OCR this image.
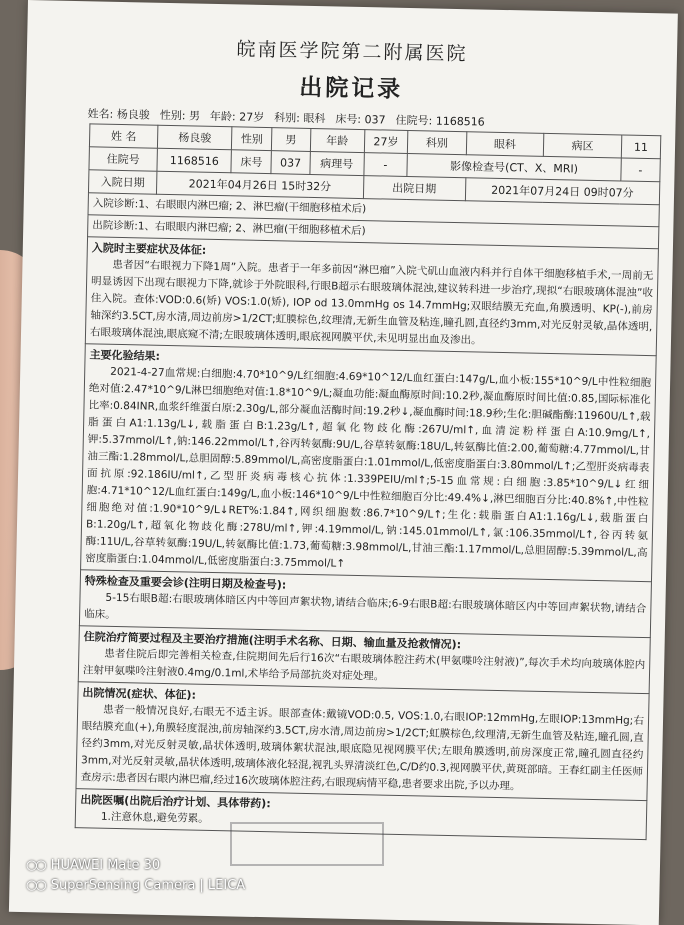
皖南医学院第二附属医院
出院记录
姓名: 杨良骏 性别: 男 年龄: 27岁 科别: 眼科 床号: 037 住院号: 1168516
姓 名	杨良骏	性别	男	年龄	27岁	科别	眼科	病区	11
住院号	1168516	床号	037	病理号	-	影像检查号(CT、X、MRI)			-
入院日期	2021年04月26日 15时32分				出院日期		2021年07月24日 09时07分		

入院诊断:1、右眼眼内淋巴瘤; 2、淋巴瘤(干细胞移植术后)

出院诊断:1、右眼眼内淋巴瘤; 2、淋巴瘤(干细胞移植术后)

入院时主要症状及体征:

患者因“右眼视力下降1周”入院。患者于一年多前因“淋巴瘤”入院弋矶山血液内科并行自体干细胞移植手术,一周前无明显诱因下出现右眼视力下降,就诊于外院眼科,行眼B超示右眼玻璃体混浊,建议转科进一步治疗,现拟“右眼玻璃体混浊”收住入院。查体:VOD:0.6(矫) VOS:1.0(矫), IOP od 13.0mmHg os 14.7mmHg;双眼结膜无充血,角膜透明、KP(-),前房轴深约3.5CT,房水清,周边前房>1/2CT;虹膜棕色,纹理清,无新生血管及粘连,瞳孔圆,直径约3mm,对光反射灵敏,晶体透明,右眼玻璃体混浊,眼底窥不清;左眼玻璃体透明,眼底视网膜平伏,未见明显出血及渗出。

主要化验结果:

2021-4-27血常规:白细胞:4.70*10^9/L红细胞:4.69*10^12/L血红蛋白:147g/L,血小板:155*10^9/L中性粒细胞绝对值:2.47*10^9/L淋巴细胞绝对值:1.8*10^9/L;凝血功能:凝血酶原时间:10.2秒,凝血酶原时间比值:0.85,国际标准化比率:0.84INR,血浆纤维蛋白原:2.30g/L,部分凝血活酶时间:19.2秒↓,凝血酶时间:18.9秒;生化:胆碱酯酶:11960U/L↑,载脂蛋白A1:1.13g/L↓,载脂蛋白B:1.23g/L↑,超氧化物歧化酶:267U/ml↑,血清淀粉样蛋白A:10.9mg/L↑,钾:5.37mmol/L↑,钠:146.22mmol/L↑,谷丙转氨酶:9U/L,谷草转氨酶:18U/L,转氨酶比值:2.00,葡萄糖:4.77mmol/L,甘油三酯:1.28mmol/L,总胆固醇:5.89mmol/L,高密度脂蛋白:1.01mmol/L,低密度脂蛋白:3.80mmol/L↑;乙型肝炎病毒表面抗原:92.186IU/ml↑,乙型肝炎病毒核心抗体:1.339PEIU/ml↑;5-15血常规:白细胞:3.85*10^9/L↓红细胞:4.71*10^12/L血红蛋白:149g/L,血小板:146*10^9/L中性粒细胞百分比:49.4%↓,淋巴细胞百分比:40.8%↑,中性粒细胞绝对值:1.90*10^9/L↓RET%:1.84↑,网织细胞数:86.7*10^9/L↑;生化:载脂蛋白A1:1.16g/L↓,载脂蛋白B:1.20g/L↑,超氧化物歧化酶:278U/ml↑,钾:4.19mmol/L,钠:145.01mmol/L↑,氯:106.35mmol/L↑,谷丙转氨酶:11U/L,谷草转氨酶:19U/L,转氨酶比值:1.73,葡萄糖:3.98mmol/L,甘油三酯:1.17mmol/L,总胆固醇:5.39mmol/L,高密度脂蛋白:1.04mmol/L,低密度脂蛋白:3.75mmol/L↑

特殊检查及重要会诊(注明日期及检查号):

5-15右眼B超:右眼玻璃体暗区内中等回声絮状物,请结合临床;6-9右眼B超:右眼玻璃体暗区内中等回声絮状物,请结合临床。

住院治疗简要过程及主要治疗措施(注明手术名称、日期、输血量及抢救情况):

患者住院后即完善相关检查,住院期间先后行16次“右眼玻璃体腔注药术(甲氨喋呤注射液)”,每次手术均向玻璃体腔内注射甲氨喋呤注射液0.4mg/0.1ml,术毕给予局部抗炎对症处理。

出院情况(症状、体征):

患者一般情况良好,右眼无不适主诉。眼部查体:戴镜VOD:0.5, VOS:1.0,右眼IOP:12mmHg,左眼IOP:13mmHg;右眼结膜充血(+),角膜轻度混浊,前房轴深约3.5CT,房水清,周边前房>1/2CT;虹膜棕色,纹理清,无新生血管及粘连,瞳孔圆,直径约3mm,对光反射灵敏,晶状体透明,玻璃体絮状混浊,眼底隐见视网膜平伏;左眼角膜透明,前房深度正常,瞳孔圆直径约3mm,对光反射灵敏,晶状体透明,玻璃体液化轻混,视乳头界清淡红色,C/D约0.3,视网膜平伏,黄斑部暗。王春红副主任医师查房示:患者因右眼内淋巴瘤,经过16次玻璃体腔注药,右眼现病情平稳,患者要求出院,予以办理。

出院医嘱(出院后治疗计划、具体带药):

1.注意休息,避免劳累。

○○ HUAWEI Mate 30
○○ SuperSensing Camera | LEICA
